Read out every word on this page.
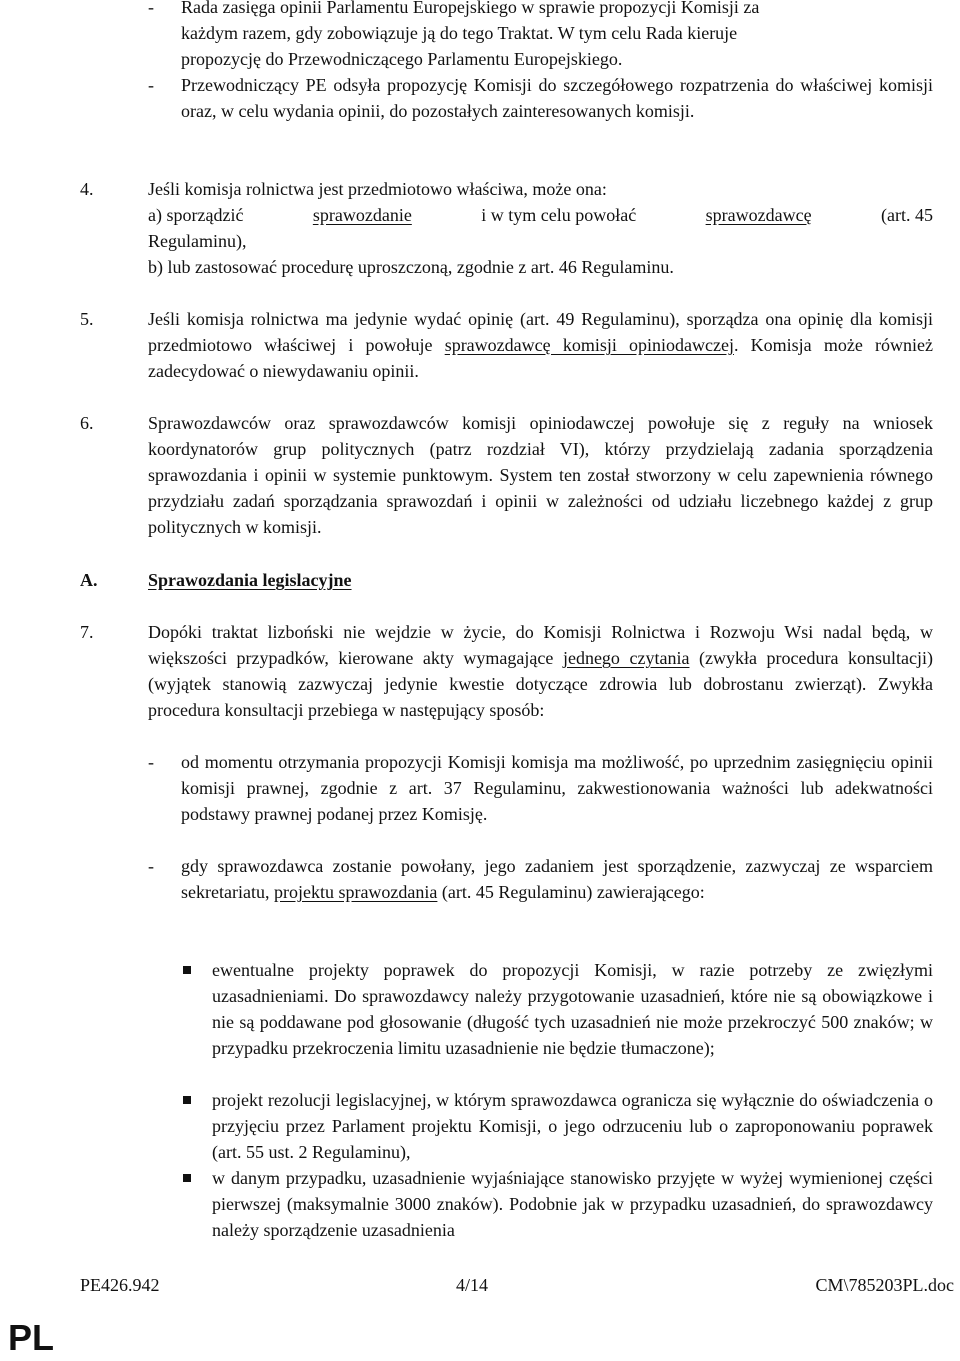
- Rada zasięga opinii Parlamentu Europejskiego w sprawie propozycji Komisji za
każdym razem, gdy zobowiązuje ją do tego Traktat. W tym celu Rada kieruje
propozycję do Przewodniczącego Parlamentu Europejskiego.
- Przewodniczący PE odsyła propozycję Komisji do szczegółowego rozpatrzenia do właściwej komisji oraz, w celu wydania opinii, do pozostałych zainteresowanych komisji.

4.	Jeśli komisja rolnictwa jest przedmiotowo właściwa, może ona:
a) sporządzić	sprawozdanie	i w tym celu powołać	sprawozdawcę	(art. 45
Regulaminu),
b) lub zastosować procedurę uproszczoną, zgodnie z art. 46 Regulaminu.
5.	Jeśli komisja rolnictwa ma jedynie wydać opinię (art. 49 Regulaminu), sporządza ona opinię dla komisji przedmiotowo właściwej i powołuje sprawozdawcę komisji opiniodawczej. Komisja może również zadecydować o niewydawaniu opinii.

6.	Sprawozdawców oraz sprawozdawców komisji opiniodawczej powołuje się z reguły na wniosek koordynatorów grup politycznych (patrz rozdział VI), którzy przydzielają zadania sporządzenia sprawozdania i opinii w systemie punktowym. System ten został stworzony w celu zapewnienia równego przydziału zadań sporządzania sprawozdań i opinii w zależności od udziału liczebnego każdej z grup politycznych w komisji.

A.	Sprawozdania legislacyjne
7.	Dopóki traktat lizboński nie wejdzie w życie, do Komisji Rolnictwa i Rozwoju Wsi nadal będą, w większości przypadków, kierowane akty wymagające jednego czytania (zwykła procedura konsultacji) (wyjątek stanowią zazwyczaj jedynie kwestie dotyczące zdrowia lub dobrostanu zwierząt). Zwykła procedura konsultacji przebiega w następujący sposób:

- od momentu otrzymania propozycji Komisji komisja ma możliwość, po uprzednim zasięgnięciu opinii komisji prawnej, zgodnie z art. 37 Regulaminu, zakwestionowania ważności lub adekwatności podstawy prawnej podanej przez Komisję.

- gdy sprawozdawca zostanie powołany, jego zadaniem jest sporządzenie, zazwyczaj ze wsparciem sekretariatu, projektu sprawozdania (art. 45 Regulaminu) zawierającego:

ewentualne projekty poprawek do propozycji Komisji, w razie potrzeby ze zwięzłymi uzasadnieniami. Do sprawozdawcy należy przygotowanie uzasadnień, które nie są obowiązkowe i nie są poddawane pod głosowanie (długość tych uzasadnień nie może przekroczyć 500 znaków; w przypadku przekroczenia limitu uzasadnienie nie będzie tłumaczone);

projekt rezolucji legislacyjnej, w którym sprawozdawca ogranicza się wyłącznie do oświadczenia o przyjęciu przez Parlament projektu Komisji, o jego odrzuceniu lub o zaproponowaniu poprawek (art. 55 ust. 2 Regulaminu),

w danym przypadku, uzasadnienie wyjaśniające stanowisko przyjęte w wyżej wymienionej części pierwszej (maksymalnie 3000 znaków). Podobnie jak w przypadku uzasadnień, do sprawozdawcy należy sporządzenie uzasadnienia

PE426.942	4/14	CM\785203PL.doc
PL
